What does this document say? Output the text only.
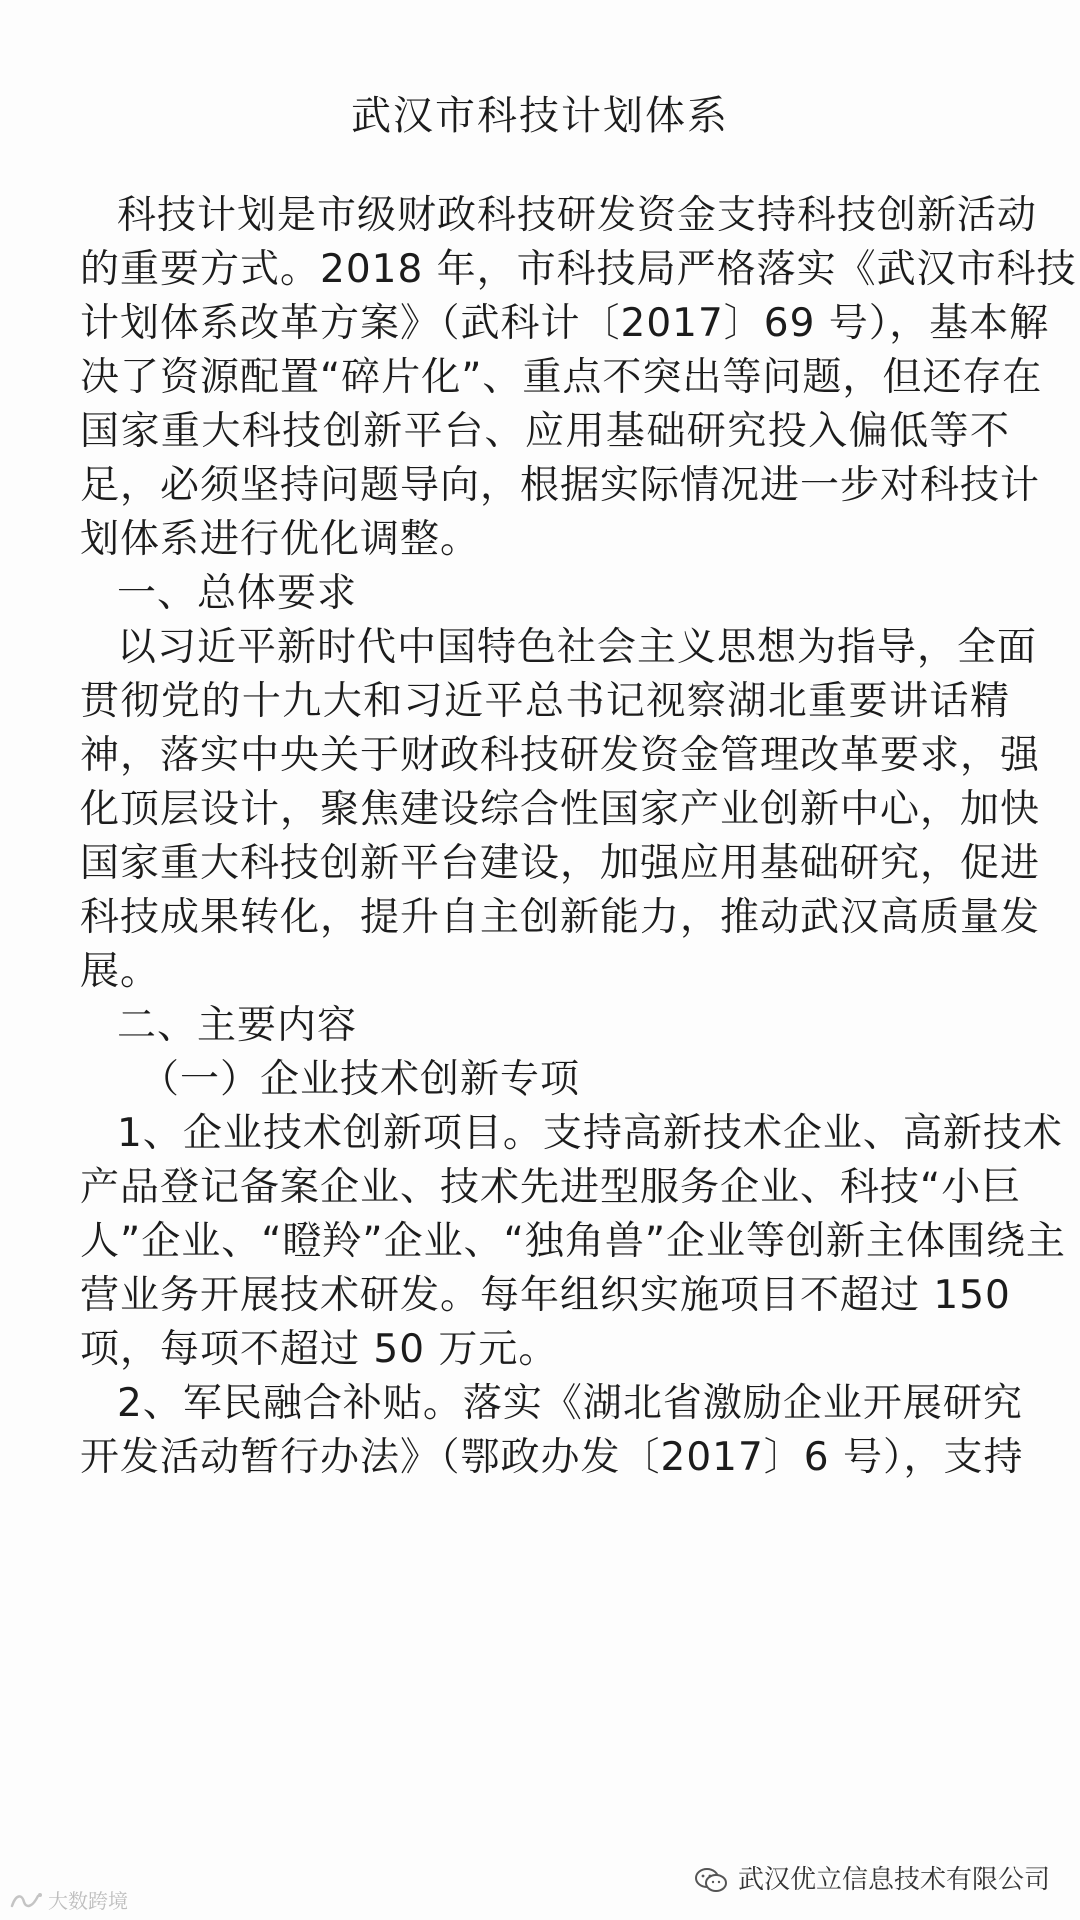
武汉市科技计划体系
科技计划是市级财政科技研发资金支持科技创新活动
的重要方式。2018 年，市科技局严格落实《武汉市科技
计划体系改革方案》（武科计〔2017〕69 号），基本解
决了资源配置“碎片化”、重点不突出等问题，但还存在
国家重大科技创新平台、应用基础研究投入偏低等不
足，必须坚持问题导向，根据实际情况进一步对科技计
划体系进行优化调整。
一、总体要求
以习近平新时代中国特色社会主义思想为指导，全面
贯彻党的十九大和习近平总书记视察湖北重要讲话精
神，落实中央关于财政科技研发资金管理改革要求，强
化顶层设计，聚焦建设综合性国家产业创新中心，加快
国家重大科技创新平台建设，加强应用基础研究，促进
科技成果转化，提升自主创新能力，推动武汉高质量发
展。
二、主要内容
（一）企业技术创新专项
1、企业技术创新项目。支持高新技术企业、高新技术
产品登记备案企业、技术先进型服务企业、科技“小巨
人”企业、“瞪羚”企业、“独角兽”企业等创新主体围绕主
营业务开展技术研发。每年组织实施项目不超过 150
项，每项不超过 50 万元。
2、军民融合补贴。落实《湖北省激励企业开展研究
开发活动暂行办法》（鄂政办发〔2017〕6 号），支持
武汉优立信息技术有限公司
大数跨境
